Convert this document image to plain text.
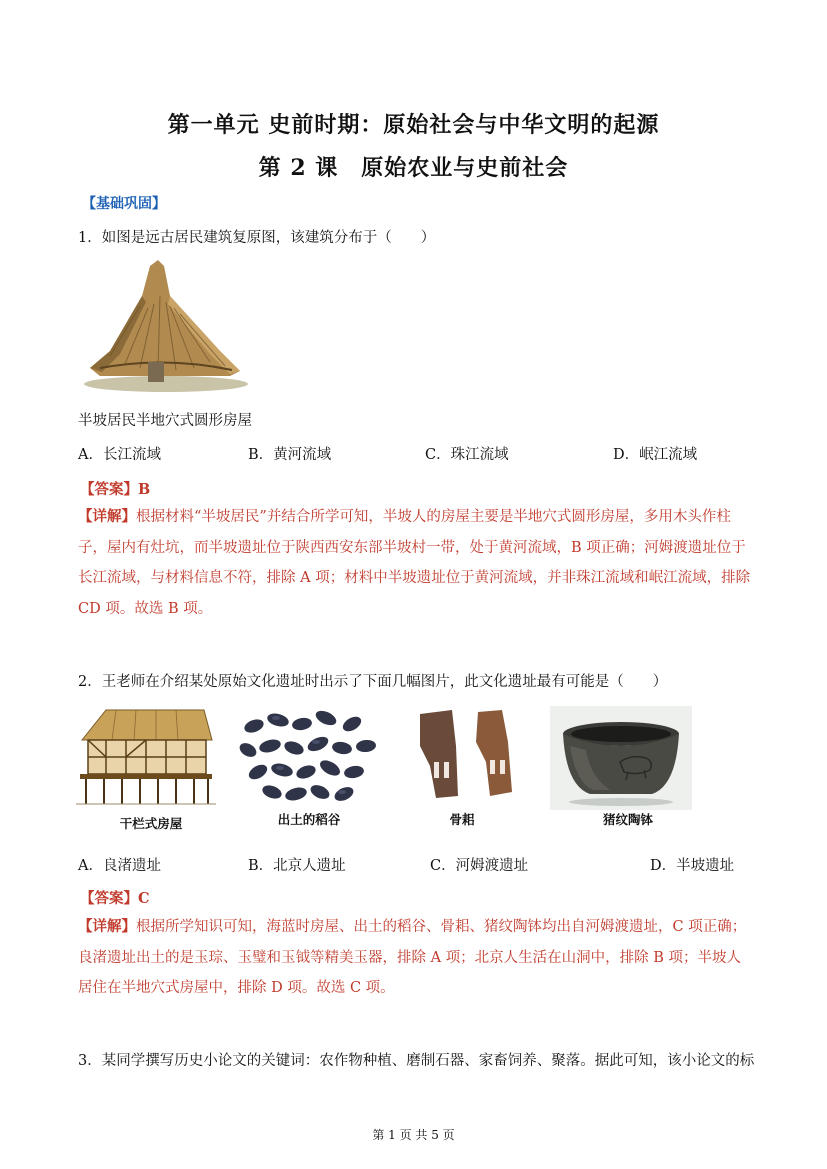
第一单元 史前时期：原始社会与中华文明的起源
第 2 课　原始农业与史前社会
【基础巩固】
1．如图是远古居民建筑复原图，该建筑分布于（　　）
半坡居民半地穴式圆形房屋
A．长江流域	B．黄河流域	C．珠江流域	D．岷江流域
【答案】B
【详解】根据材料“半坡居民”并结合所学可知，半坡人的房屋主要是半地穴式圆形房屋，多用木头作柱子，屋内有灶坑，而半坡遗址位于陕西西安东部半坡村一带，处于黄河流域，B 项正确；河姆渡遗址位于长江流域，与材料信息不符，排除 A 项；材料中半坡遗址位于黄河流域，并非珠江流域和岷江流域，排除 CD 项。故选 B 项。
2．王老师在介绍某处原始文化遗址时出示了下面几幅图片，此文化遗址最有可能是（　　）
干栏式房屋	出土的稻谷	骨耜	猪纹陶钵
A．良渚遗址	B．北京人遗址	C．河姆渡遗址	D．半坡遗址
【答案】C
【详解】根据所学知识可知，海蓝时房屋、出土的稻谷、骨耜、猪纹陶钵均出自河姆渡遗址，C 项正确；良渚遗址出土的是玉琮、玉璧和玉钺等精美玉器，排除 A 项；北京人生活在山洞中，排除 B 项；半坡人居住在半地穴式房屋中，排除 D 项。故选 C 项。
3．某同学撰写历史小论文的关键词：农作物种植、磨制石器、家畜饲养、聚落。据此可知，该小论文的标
第 1 页 共 5 页
